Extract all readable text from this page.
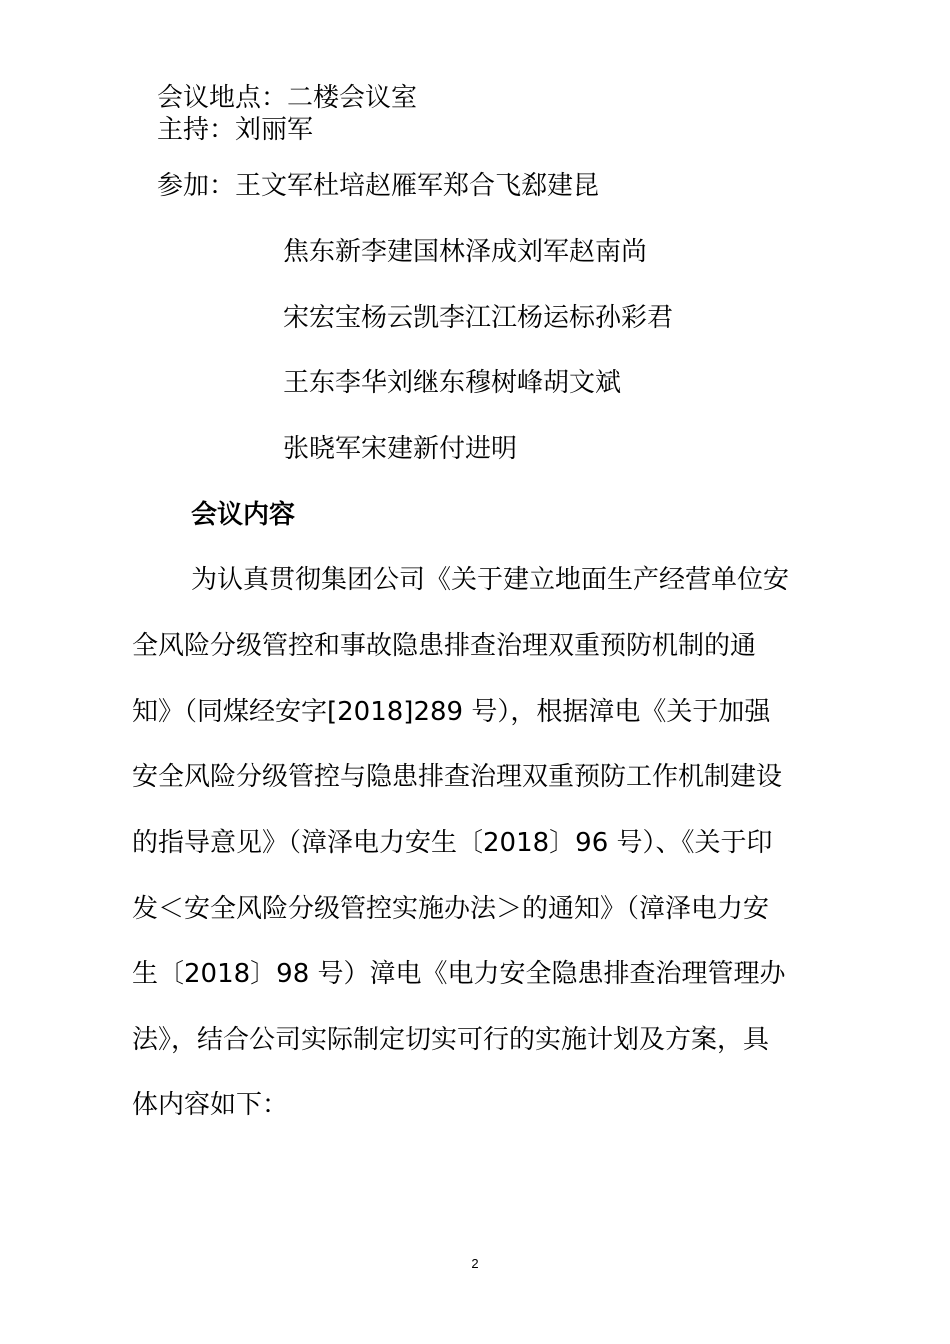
会议地点：二楼会议室
主持：刘丽军
参加：王文军杜培赵雁军郑合飞郄建昆
焦东新李建国林泽成刘军赵南尚
宋宏宝杨云凯李江江杨运标孙彩君
王东李华刘继东穆树峰胡文斌
张晓军宋建新付进明
会议内容
为认真贯彻集团公司《关于建立地面生产经营单位安
全风险分级管控和事故隐患排查治理双重预防机制的通
知》（同煤经安字[2018]289 号），根据漳电《关于加强
安全风险分级管控与隐患排查治理双重预防工作机制建设
的指导意见》（漳泽电力安生〔2018〕96 号）、《关于印
发＜安全风险分级管控实施办法＞的通知》（漳泽电力安
生〔2018〕98 号）漳电《电力安全隐患排查治理管理办
法》，结合公司实际制定切实可行的实施计划及方案，具
体内容如下：
2
